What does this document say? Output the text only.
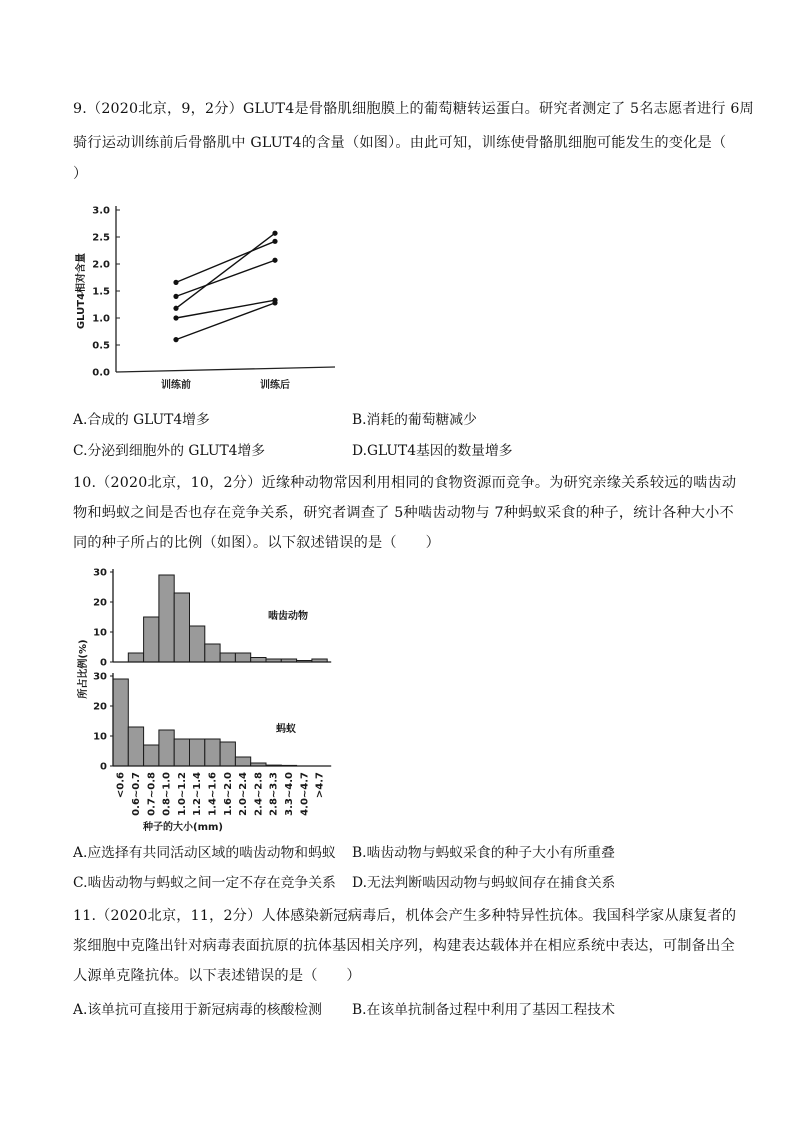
9.（2020北京，9，2分）GLUT4是骨骼肌细胞膜上的葡萄糖转运蛋白。研究者测定了 5名志愿者进行 6周
骑行运动训练前后骨骼肌中 GLUT4的含量（如图）。由此可知，训练使骨骼肌细胞可能发生的变化是（
）
0.0
0.5
1.0
1.5
2.0
2.5
3.0
训练前	训练后
GLUT4相对含量
A.合成的 GLUT4增多	B.消耗的葡萄糖减少
C.分泌到细胞外的 GLUT4增多	D.GLUT4基因的数量增多
10.（2020北京，10，2分）近缘种动物常因利用相同的食物资源而竞争。为研究亲缘关系较远的啮齿动
物和蚂蚁之间是否也存在竞争关系，研究者调查了 5种啮齿动物与 7种蚂蚁采食的种子，统计各种大小不
同的种子所占的比例（如图）。以下叙述错误的是（　　）
0
10
20
30
啮齿动物
0
10
20
30
蚂蚁
<0.6 0.6~0.7 0.7~0.8 0.8~1.0 1.0~1.2 1.2~1.4 1.4~1.6 1.6~2.0 2.0~2.4 2.4~2.8 2.8~3.3 3.3~4.0 4.0~4.7 >4.7
种子的大小(mm)
所占比例(%)
A.应选择有共同活动区域的啮齿动物和蚂蚁 B.啮齿动物与蚂蚁采食的种子大小有所重叠
C.啮齿动物与蚂蚁之间一定不存在竞争关系 D.无法判断啮因动物与蚂蚁间存在捕食关系
11.（2020北京，11，2分）人体感染新冠病毒后，机体会产生多种特异性抗体。我国科学家从康复者的
浆细胞中克隆出针对病毒表面抗原的抗体基因相关序列，构建表达载体并在相应系统中表达，可制备出全
人源单克隆抗体。以下表述错误的是（　　）
A.该单抗可直接用于新冠病毒的核酸检测 B.在该单抗制备过程中利用了基因工程技术
